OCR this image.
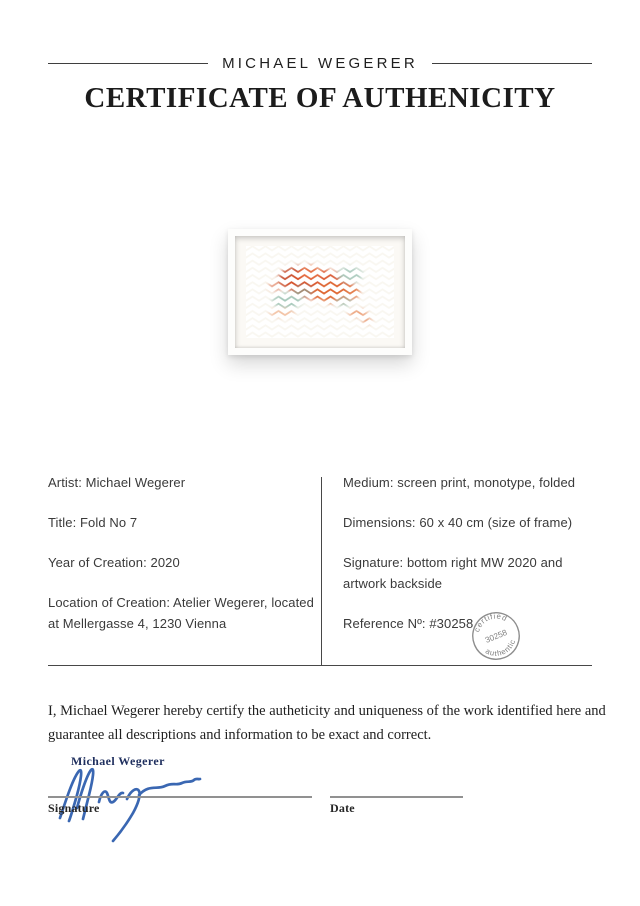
MICHAEL WEGERER
CERTIFICATE OF AUTHENICITY
Artist: Michael Wegerer
Title: Fold No 7
Year of Creation: 2020
Location of Creation: Atelier Wegerer, located
at Mellergasse 4, 1230 Vienna
Medium: screen print, monotype, folded
Dimensions: 60 x 40 cm (size of frame)
Signature: bottom right MW 2020 and
artwork backside
Reference Nº: #30258
certified
30258
authentic
I, Michael Wegerer hereby certify the autheticity and uniqueness of the work identified here and
guarantee all descriptions and information to be exact and correct.
Michael Wegerer
Signature	Date
